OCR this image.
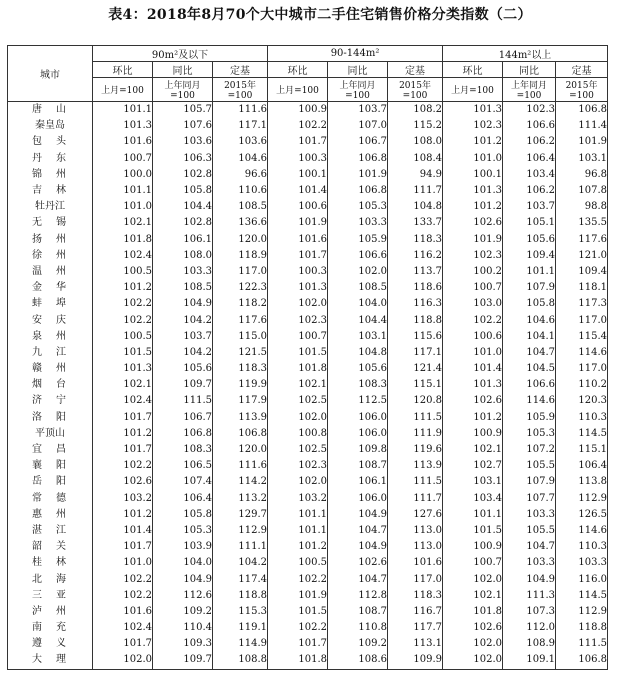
表4：2018年8月70个大中城市二手住宅销售价格分类指数（二）
城市	90m²及以下			90-144m²			144m²以上		
	环比	同比	定基	环比	同比	定基	环比	同比	定基
	上月=100	上年同月=100	2015年=100	上月=100	上年同月=100	2015年=100	上月=100	上年同月=100	2015年=100
唐　山	101.1	105.7	111.6	100.9	103.7	108.2	101.3	102.3	106.8
秦皇岛	101.3	107.6	117.1	102.2	107.0	115.2	102.3	106.6	111.4
包　头	101.6	103.6	103.6	101.7	106.7	108.0	101.2	106.2	101.9
丹　东	100.7	106.3	104.6	100.3	106.8	108.4	101.0	106.4	103.1
锦　州	100.0	102.8	96.6	100.1	101.9	94.9	100.1	103.4	96.8
吉　林	101.1	105.8	110.6	101.4	106.8	111.7	101.3	106.2	107.8
牡丹江	101.0	104.4	108.5	100.6	105.3	104.8	101.2	103.7	98.8
无　锡	102.1	102.8	136.6	101.9	103.3	133.7	102.6	105.1	135.5
扬　州	101.8	106.1	120.0	101.6	105.9	118.3	101.9	105.6	117.6
徐　州	102.4	108.0	118.9	101.7	106.6	116.2	102.3	109.4	121.0
温　州	100.5	103.3	117.0	100.3	102.0	113.7	100.2	101.1	109.4
金　华	101.2	108.5	122.3	101.3	108.5	118.6	100.7	107.9	118.1
蚌　埠	102.2	104.9	118.2	102.0	104.0	116.3	103.0	105.8	117.3
安　庆	102.2	104.2	117.6	102.3	104.4	118.8	102.2	104.6	117.0
泉　州	100.5	103.7	115.0	100.7	103.1	115.6	100.6	104.1	115.4
九　江	101.5	104.2	121.5	101.5	104.8	117.1	101.0	104.7	114.6
赣　州	101.3	105.6	118.3	101.8	105.6	121.4	101.4	104.5	117.0
烟　台	102.1	109.7	119.9	102.1	108.3	115.1	101.3	106.6	110.2
济　宁	102.4	111.5	117.9	102.5	112.5	120.8	102.6	114.6	120.3
洛　阳	101.7	106.7	113.9	102.0	106.0	111.5	101.2	105.9	110.3
平顶山	101.2	106.8	106.8	100.8	106.0	111.9	100.9	105.3	114.5
宜　昌	101.7	108.3	120.0	102.5	109.8	119.6	102.1	107.2	115.1
襄　阳	102.2	106.5	111.6	102.3	108.7	113.9	102.7	105.5	106.4
岳　阳	102.6	107.4	114.2	102.0	106.1	111.5	103.1	107.9	113.8
常　德	103.2	106.4	113.2	103.2	106.0	111.7	103.4	107.7	112.9
惠　州	101.2	105.8	129.7	101.1	104.9	127.6	101.1	103.3	126.5
湛　江	101.4	105.3	112.9	101.1	104.7	113.0	101.5	105.5	114.6
韶　关	101.7	103.9	111.1	101.2	104.9	113.0	100.9	104.7	110.3
桂　林	101.0	104.0	104.2	100.5	102.6	101.6	100.7	103.3	103.3
北　海	102.2	104.9	117.4	102.2	104.7	117.0	102.0	104.9	116.0
三　亚	102.2	112.6	118.8	101.9	112.8	118.3	102.1	111.3	114.5
泸　州	101.6	109.2	115.3	101.5	108.7	116.7	101.8	107.3	112.9
南　充	102.4	110.4	119.1	102.2	110.8	117.7	102.6	112.0	118.8
遵　义	101.7	109.3	114.9	101.7	109.2	113.1	102.0	108.9	111.5
大　理	102.0	109.7	108.8	101.8	108.6	109.9	102.0	109.1	106.8
